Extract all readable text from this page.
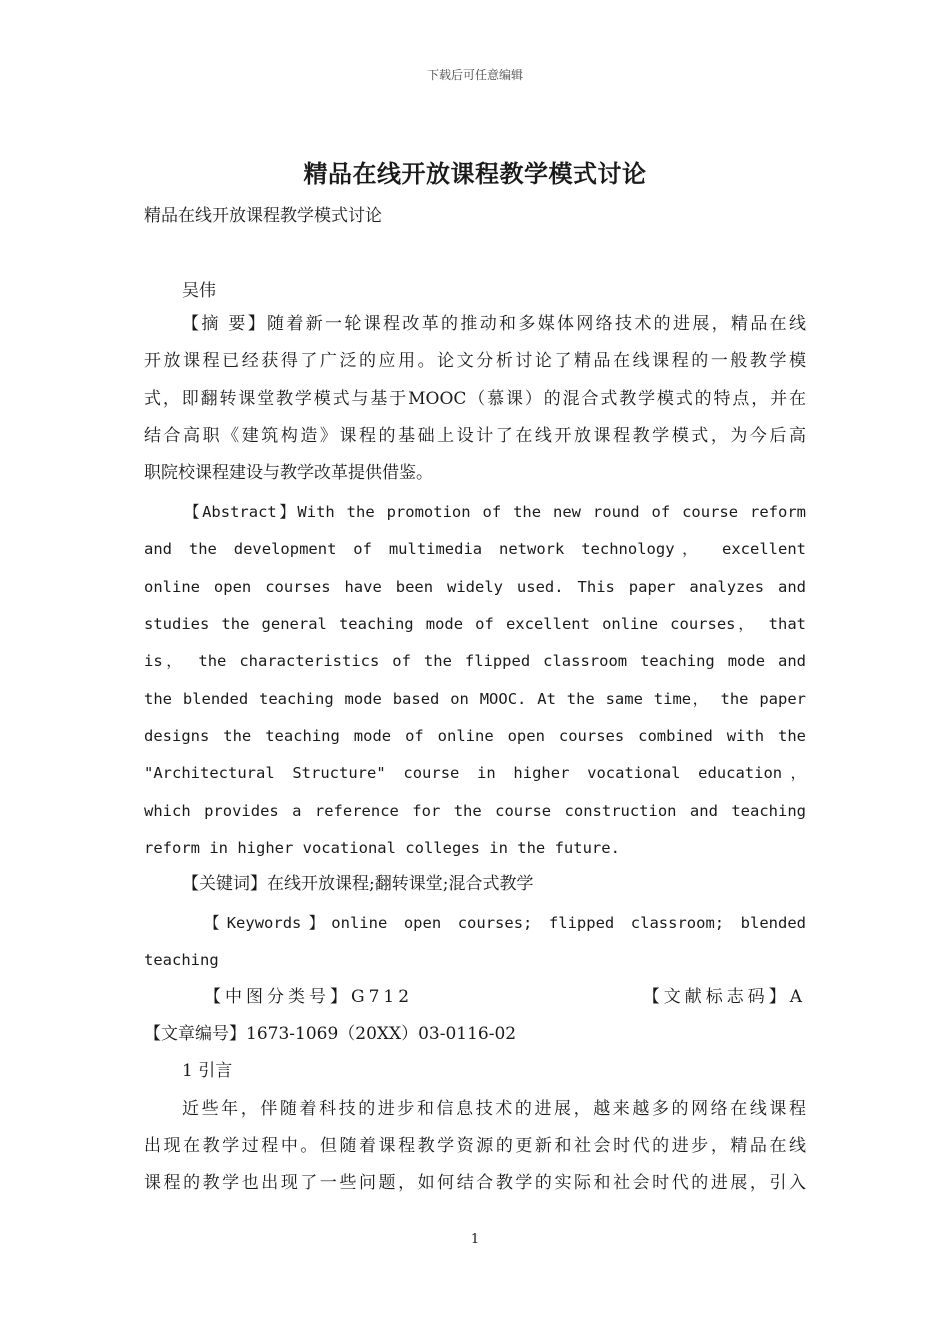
下载后可任意编辑
精品在线开放课程教学模式讨论
精品在线开放课程教学模式讨论
吴伟
【摘 要】随着新一轮课程改革的推动和多媒体网络技术的进展，精品在线
开放课程已经获得了广泛的应用。论文分析讨论了精品在线课程的一般教学模
式，即翻转课堂教学模式与基于MOOC（慕课）的混合式教学模式的特点，并在
结合高职《建筑构造》课程的基础上设计了在线开放课程教学模式，为今后高
职院校课程建设与教学改革提供借鉴。
【Abstract】With the promotion of the new round of course reform
and the development of multimedia network technology， excellent
online open courses have been widely used. This paper analyzes and
studies the general teaching mode of excellent online courses， that
is， the characteristics of the flipped classroom teaching mode and
the blended teaching mode based on MOOC. At the same time， the paper
designs the teaching mode of online open courses combined with the
"Architectural Structure" course in higher vocational education，
which provides a reference for the course construction and teaching
reform in higher vocational colleges in the future.
【关键词】在线开放课程;翻转课堂;混合式教学
【Keywords】online open courses; flipped classroom; blended
teaching
【中图分类号】G712	【文献标志码】A
【文章编号】1673-1069（20XX）03-0116-02
1 引言
近些年，伴随着科技的进步和信息技术的进展，越来越多的网络在线课程
出现在教学过程中。但随着课程教学资源的更新和社会时代的进步，精品在线
课程的教学也出现了一些问题，如何结合教学的实际和社会时代的进展，引入
1
